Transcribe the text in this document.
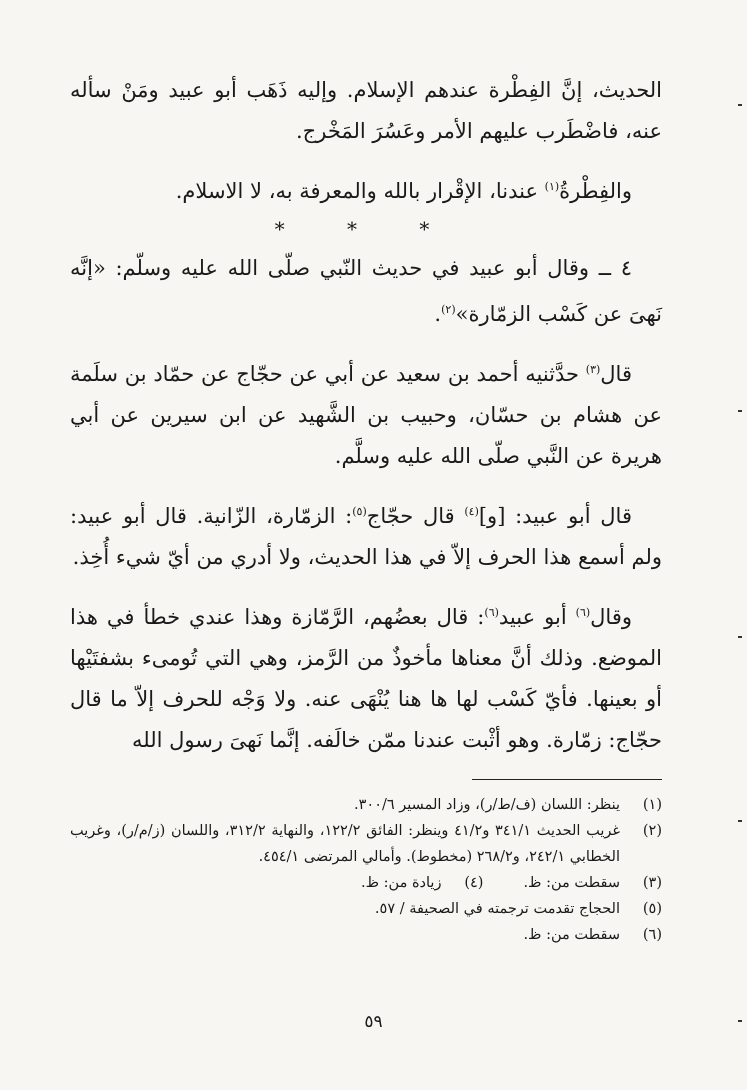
الحديث، إنَّ الفِطْرة عندهم الإسلام. وإليه ذَهَب أبو عبيد ومَنْ سأله عنه، فاضْطَرب عليهم الأمر وعَسُرَ المَخْرج.

والفِطْرةُ$^{(١)}$ عندنا، الإقْرار بالله والمعرفة به، لا الاسلام.

* * *

٤ ــ وقال أبو عبيد في حديث النّبي صلّى الله عليه وسلّم: «إنَّه نَهىَ عن كَسْب الزمّارة»$^{(٢)}$.

قال$^{(٣)}$ حدَّثنيه أحمد بن سعيد عن أبي عن حجّاج عن حمّاد بن سلَمة عن هشام بن حسّان، وحبيب بن الشَّهيد عن ابن سيرين عن أبي هريرة عن النَّبي صلّى الله عليه وسلَّم.

قال أبو عبيد: [و]$^{(٤)}$ قال حجّاج$^{(٥)}$: الزمّارة، الزّانية. قال أبو عبيد: ولم أسمع هذا الحرف إلاّ في هذا الحديث، ولا أدري من أيّ شيء أُخِذ.

وقال$^{(٦)}$ أبو عبيد$^{(٦)}$: قال بعضُهم، الرَّمّازة وهذا عندي خطأ في هذا الموضع. وذلك أنَّ معناها مأخوذٌ من الرَّمز، وهي التي تُومىء بشفتَيْها أو بعينها. فأيّ كَسْب لها ها هنا يُنْهَى عنه. ولا وَجْه للحرف إلاّ ما قال حجّاج: زمّارة. وهو أثْبت عندنا ممّن خالَفه. إنَّما نَهىَ رسول الله

(١)
ينظر: اللسان (ف/ط/ر)، وزاد المسير ٣٠٠/٦.
(٢)
غريب الحديث ٣٤١/١ و٤١/٢ وينظر: الفائق ١٢٢/٢، والنهاية ٣١٢/٢، واللسان (ز/م/ر)، وغريب الخطابي ٢٤٢/١، و٢٦٨/٢ (مخطوط). وأمالي المرتضى ٤٥٤/١.
(٣)
سقطت من: ظ.
(٤)
زيادة من: ظ.
(٥)
الحجاج تقدمت ترجمته في الصحيفة / ٥٧.
(٦)
سقطت من: ظ.
٥٩
